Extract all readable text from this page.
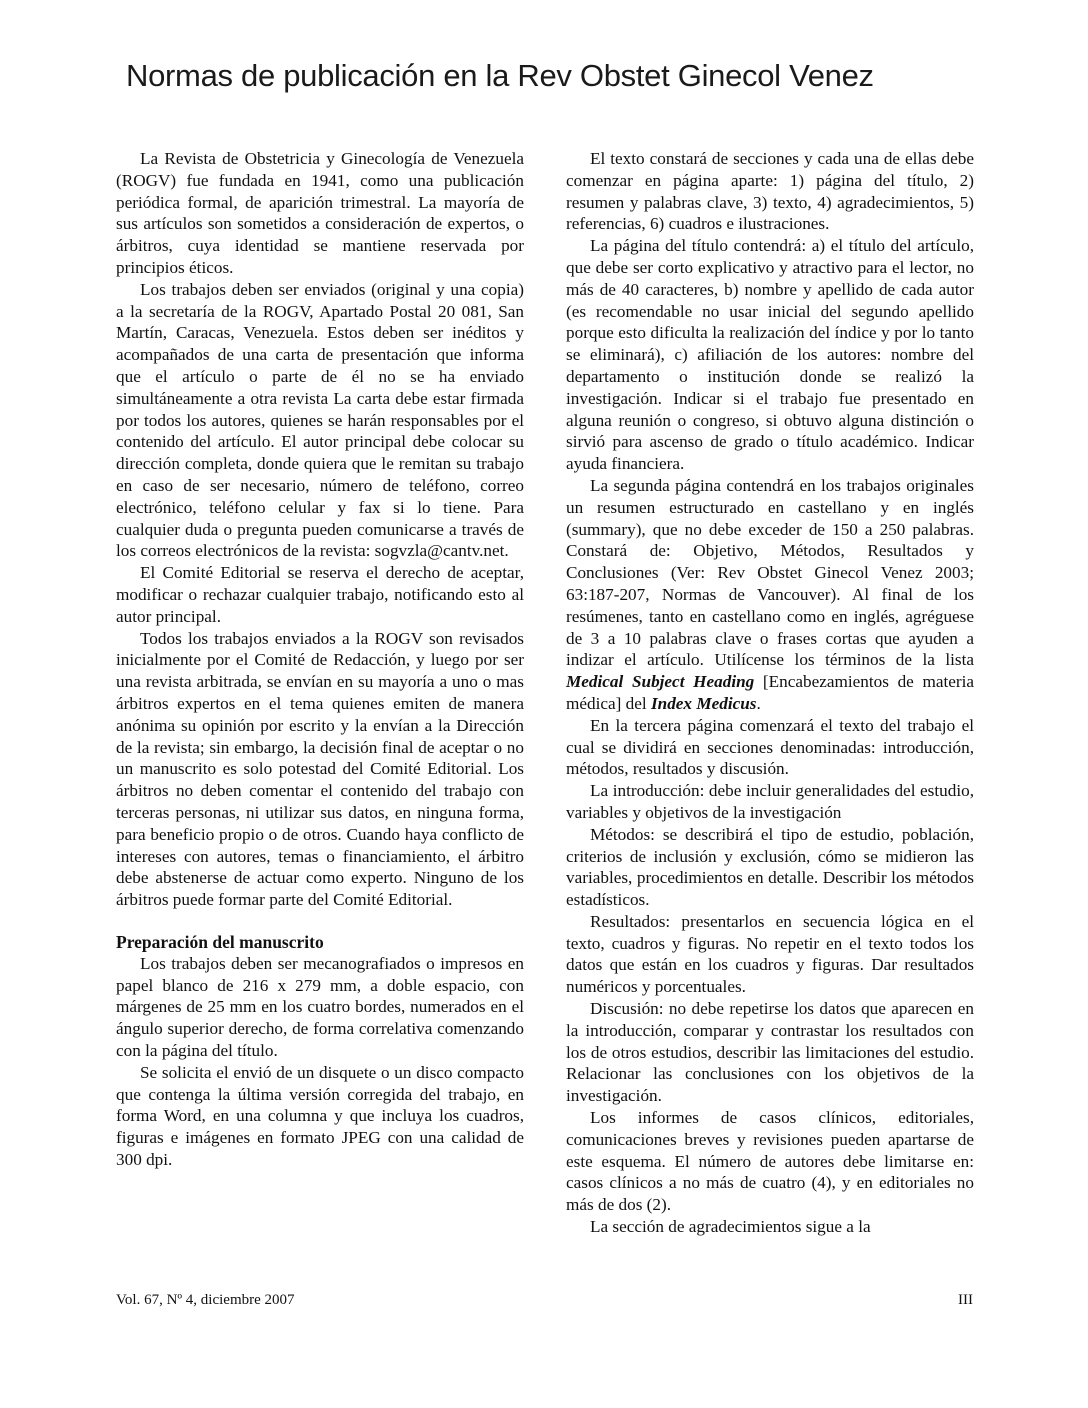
Normas de publicación en la Rev Obstet Ginecol Venez

La Revista de Obstetricia y Ginecología de Venezuela (ROGV) fue fundada en 1941, como una publicación periódica formal, de aparición trimestral. La mayoría de sus artículos son sometidos a consideración de expertos, o árbitros, cuya identidad se mantiene reservada por principios éticos.

Los trabajos deben ser enviados (original y una copia) a la secretaría de la ROGV, Apartado Postal 20 081, San Martín, Caracas, Venezuela. Estos deben ser inéditos y acompañados de una carta de presentación que informa que el artículo o parte de él no se ha enviado simultáneamente a otra revista La carta debe estar firmada por todos los autores, quienes se harán responsables por el contenido del artículo. El autor principal debe colocar su dirección completa, donde quiera que le remitan su trabajo en caso de ser necesario, número de teléfono, correo electrónico, teléfono celular y fax si lo tiene. Para cualquier duda o pregunta pueden comunicarse a través de los correos electrónicos de la revista: sogvzla@cantv.net.

El Comité Editorial se reserva el derecho de aceptar, modificar o rechazar cualquier trabajo, notificando esto al autor principal.

Todos los trabajos enviados a la ROGV son revisados inicialmente por el Comité de Redacción, y luego por ser una revista arbitrada, se envían en su mayoría a uno o mas árbitros expertos en el tema quienes emiten de manera anónima su opinión por escrito y la envían a la Dirección de la revista; sin embargo, la decisión final de aceptar o no un manuscrito es solo potestad del Comité Editorial. Los árbitros no deben comentar el contenido del trabajo con terceras personas, ni utilizar sus datos, en ninguna forma, para beneficio propio o de otros. Cuando haya conflicto de intereses con autores, temas o financiamiento, el árbitro debe abstenerse de actuar como experto. Ninguno de los árbitros puede formar parte del Comité Editorial.

Preparación del manuscrito

Los trabajos deben ser mecanografiados o impresos en papel blanco de 216 x 279 mm, a doble espacio, con márgenes de 25 mm en los cuatro bordes, numerados en el ángulo superior derecho, de forma correlativa comenzando con la página del título.

Se solicita el envió de un disquete o un disco compacto que contenga la última versión corregida del trabajo, en forma Word, en una columna y que incluya los cuadros, figuras e imágenes en formato JPEG con una calidad de 300 dpi.

El texto constará de secciones y cada una de ellas debe comenzar en página aparte: 1) página del título, 2) resumen y palabras clave, 3) texto, 4) agradecimientos, 5) referencias, 6) cuadros e ilustraciones.

La página del título contendrá: a) el título del artículo, que debe ser corto explicativo y atractivo para el lector, no más de 40 caracteres, b) nombre y apellido de cada autor (es recomendable no usar inicial del segundo apellido porque esto dificulta la realización del índice y por lo tanto se eliminará), c) afiliación de los autores: nombre del departamento o institución donde se realizó la investigación. Indicar si el trabajo fue presentado en alguna reunión o congreso, si obtuvo alguna distinción o sirvió para ascenso de grado o título académico. Indicar ayuda financiera.

La segunda página contendrá en los trabajos originales un resumen estructurado en castellano y en inglés (summary), que no debe exceder de 150 a 250 palabras. Constará de: Objetivo, Métodos, Resultados y Conclusiones (Ver: Rev Obstet Ginecol Venez 2003; 63:187-207, Normas de Vancouver). Al final de los resúmenes, tanto en castellano como en inglés, agréguese de 3 a 10 palabras clave o frases cortas que ayuden a indizar el artículo. Utilícense los términos de la lista Medical Subject Heading [Encabezamientos de materia médica] del Index Medicus.

En la tercera página comenzará el texto del trabajo el cual se dividirá en secciones denominadas: introducción, métodos, resultados y discusión.

La introducción: debe incluir generalidades del estudio, variables y objetivos de la investigación

Métodos: se describirá el tipo de estudio, población, criterios de inclusión y exclusión, cómo se midieron las variables, procedimientos en detalle. Describir los métodos estadísticos.

Resultados: presentarlos en secuencia lógica en el texto, cuadros y figuras. No repetir en el texto todos los datos que están en los cuadros y figuras. Dar resultados numéricos y porcentuales.

Discusión: no debe repetirse los datos que aparecen en la introducción, comparar y contrastar los resultados con los de otros estudios, describir las limitaciones del estudio. Relacionar las conclusiones con los objetivos de la investigación.

Los informes de casos clínicos, editoriales, comunicaciones breves y revisiones pueden apartarse de este esquema. El número de autores debe limitarse en: casos clínicos a no más de cuatro (4), y en editoriales no más de dos (2).

La sección de agradecimientos sigue a la

Vol. 67, Nº 4, diciembre 2007	III
